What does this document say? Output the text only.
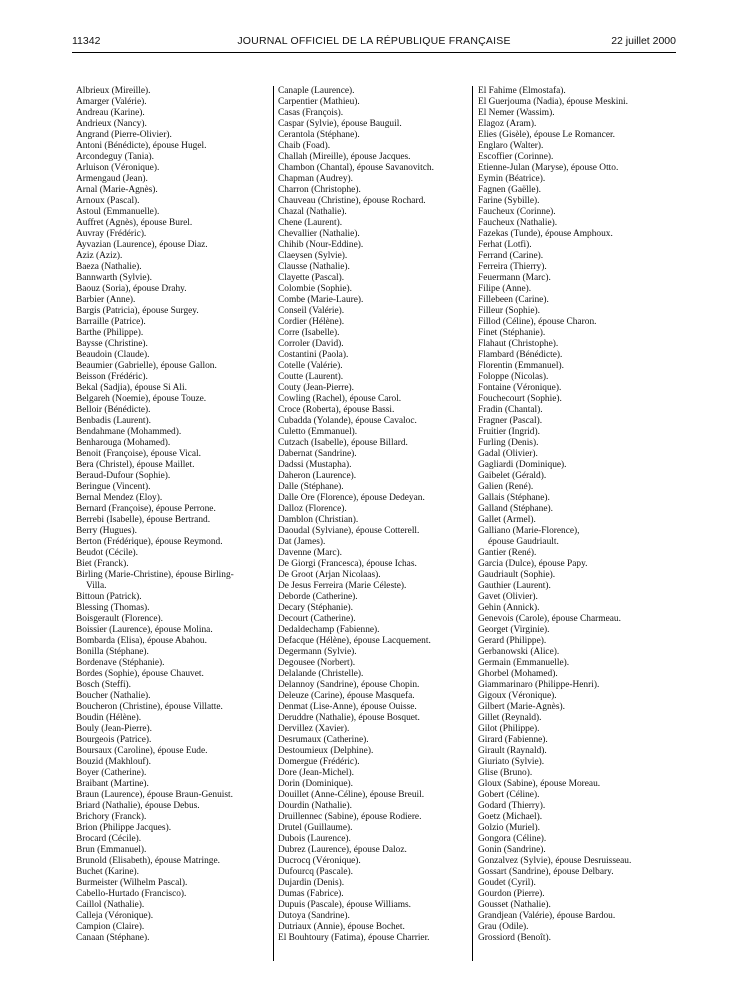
11342	JOURNAL OFFICIEL DE LA RÉPUBLIQUE FRANÇAISE	22 juillet 2000
Albrieux (Mireille).
Amarger (Valérie).
Andreau (Karine).
Andrieux (Nancy).
Angrand (Pierre-Olivier).
Antoni (Bénédicte), épouse Hugel.
Arcondeguy (Tania).
Arluison (Véronique).
Armengaud (Jean).
Arnal (Marie-Agnès).
Arnoux (Pascal).
Astoul (Emmanuelle).
Auffret (Agnès), épouse Burel.
Auvray (Frédéric).
Ayvazian (Laurence), épouse Diaz.
Aziz (Aziz).
Baeza (Nathalie).
Bannwarth (Sylvie).
Baouz (Soria), épouse Drahy.
Barbier (Anne).
Bargis (Patricia), épouse Surgey.
Barraille (Patrice).
Barthe (Philippe).
Baysse (Christine).
Beaudoin (Claude).
Beaumier (Gabrielle), épouse Gallon.
Beisson (Frédéric).
Bekal (Sadjia), épouse Si Ali.
Belgareh (Noemie), épouse Touze.
Belloir (Bénédicte).
Benbadis (Laurent).
Bendahmane (Mohammed).
Benharouga (Mohamed).
Benoit (Françoise), épouse Vical.
Bera (Christel), épouse Maillet.
Beraud-Dufour (Sophie).
Beringue (Vincent).
Bernal Mendez (Eloy).
Bernard (Françoise), épouse Perrone.
Berrebi (Isabelle), épouse Bertrand.
Berry (Hugues).
Berton (Frédérique), épouse Reymond.
Beudot (Cécile).
Biet (Franck).
Birling (Marie-Christine), épouse Birling-
Villa.
Bittoun (Patrick).
Blessing (Thomas).
Boisgerault (Florence).
Boissier (Laurence), épouse Molina.
Bombarda (Elisa), épouse Abahou.
Bonilla (Stéphane).
Bordenave (Stéphanie).
Bordes (Sophie), épouse Chauvet.
Bosch (Steffi).
Boucher (Nathalie).
Boucheron (Christine), épouse Villatte.
Boudin (Hélène).
Bouly (Jean-Pierre).
Bourgeois (Patrice).
Boursaux (Caroline), épouse Eude.
Bouzid (Makhlouf).
Boyer (Catherine).
Braibant (Martine).
Braun (Laurence), épouse Braun-Genuist.
Briard (Nathalie), épouse Debus.
Brichory (Franck).
Brion (Philippe Jacques).
Brocard (Cécile).
Brun (Emmanuel).
Brunold (Elisabeth), épouse Matringe.
Buchet (Karine).
Burmeister (Wilhelm Pascal).
Cabello-Hurtado (Francisco).
Caillol (Nathalie).
Calleja (Véronique).
Campion (Claire).
Canaan (Stéphane).
Canaple (Laurence).
Carpentier (Mathieu).
Casas (François).
Caspar (Sylvie), épouse Bauguil.
Cerantola (Stéphane).
Chaib (Foad).
Challah (Mireille), épouse Jacques.
Chambon (Chantal), épouse Savanovitch.
Chapman (Audrey).
Charron (Christophe).
Chauveau (Christine), épouse Rochard.
Chazal (Nathalie).
Chene (Laurent).
Chevallier (Nathalie).
Chihib (Nour-Eddine).
Claeysen (Sylvie).
Clausse (Nathalie).
Clayette (Pascal).
Colombie (Sophie).
Combe (Marie-Laure).
Conseil (Valérie).
Cordier (Hélène).
Corre (Isabelle).
Corroler (David).
Costantini (Paola).
Cotelle (Valérie).
Coutte (Laurent).
Couty (Jean-Pierre).
Cowling (Rachel), épouse Carol.
Croce (Roberta), épouse Bassi.
Cubadda (Yolande), épouse Cavaloc.
Culetto (Emmanuel).
Cutzach (Isabelle), épouse Billard.
Dabernat (Sandrine).
Dadssi (Mustapha).
Daheron (Laurence).
Dalle (Stéphane).
Dalle Ore (Florence), épouse Dedeyan.
Dalloz (Florence).
Damblon (Christian).
Daoudal (Sylviane), épouse Cotterell.
Dat (James).
Davenne (Marc).
De Giorgi (Francesca), épouse Ichas.
De Groot (Arjan Nicolaas).
De Jesus Ferreira (Marie Céleste).
Deborde (Catherine).
Decary (Stéphanie).
Decourt (Catherine).
Dedaldechamp (Fabienne).
Defacque (Hélène), épouse Lacquement.
Degermann (Sylvie).
Degousee (Norbert).
Delalande (Christelle).
Delannoy (Sandrine), épouse Chopin.
Deleuze (Carine), épouse Masquefa.
Denmat (Lise-Anne), épouse Ouisse.
Deruddre (Nathalie), épouse Bosquet.
Dervillez (Xavier).
Desrumaux (Catherine).
Destoumieux (Delphine).
Domergue (Frédéric).
Dore (Jean-Michel).
Dorin (Dominique).
Douillet (Anne-Céline), épouse Breuil.
Dourdin (Nathalie).
Druillennec (Sabine), épouse Rodiere.
Drutel (Guillaume).
Dubois (Laurence).
Dubrez (Laurence), épouse Daloz.
Ducrocq (Véronique).
Dufourcq (Pascale).
Dujardin (Denis).
Dumas (Fabrice).
Dupuis (Pascale), épouse Williams.
Dutoya (Sandrine).
Dutriaux (Annie), épouse Bochet.
El Bouhtoury (Fatima), épouse Charrier.
El Fahime (Elmostafa).
El Guerjouma (Nadia), épouse Meskini.
El Nemer (Wassim).
Elagoz (Aram).
Elies (Gisèle), épouse Le Romancer.
Englaro (Walter).
Escoffier (Corinne).
Etienne-Julan (Maryse), épouse Otto.
Eymin (Béatrice).
Fagnen (Gaëlle).
Farine (Sybille).
Faucheux (Corinne).
Faucheux (Nathalie).
Fazekas (Tunde), épouse Amphoux.
Ferhat (Lotfi).
Ferrand (Carine).
Ferreira (Thierry).
Feuermann (Marc).
Filipe (Anne).
Fillebeen (Carine).
Filleur (Sophie).
Fillod (Céline), épouse Charon.
Finet (Stéphanie).
Flahaut (Christophe).
Flambard (Bénédicte).
Florentin (Emmanuel).
Foloppe (Nicolas).
Fontaine (Véronique).
Fouchecourt (Sophie).
Fradin (Chantal).
Fragner (Pascal).
Fruitier (Ingrid).
Furling (Denis).
Gadal (Olivier).
Gagliardi (Dominique).
Gaibelet (Gérald).
Galien (René).
Gallais (Stéphane).
Galland (Stéphane).
Gallet (Armel).
Galliano (Marie-Florence),
épouse Gaudriault.
Gantier (René).
Garcia (Dulce), épouse Papy.
Gaudriault (Sophie).
Gauthier (Laurent).
Gavet (Olivier).
Gehin (Annick).
Genevois (Carole), épouse Charmeau.
Georget (Virginie).
Gerard (Philippe).
Gerbanowski (Alice).
Germain (Emmanuelle).
Ghorbel (Mohamed).
Giammarinaro (Philippe-Henri).
Gigoux (Véronique).
Gilbert (Marie-Agnès).
Gillet (Reynald).
Gilot (Philippe).
Girard (Fabienne).
Girault (Raynald).
Giuriato (Sylvie).
Glise (Bruno).
Gloux (Sabine), épouse Moreau.
Gobert (Céline).
Godard (Thierry).
Goetz (Michael).
Golzio (Muriel).
Gongora (Céline).
Gonin (Sandrine).
Gonzalvez (Sylvie), épouse Desruisseau.
Gossart (Sandrine), épouse Delbary.
Goudet (Cyril).
Gourdon (Pierre).
Gousset (Nathalie).
Grandjean (Valérie), épouse Bardou.
Grau (Odile).
Grossiord (Benoît).
